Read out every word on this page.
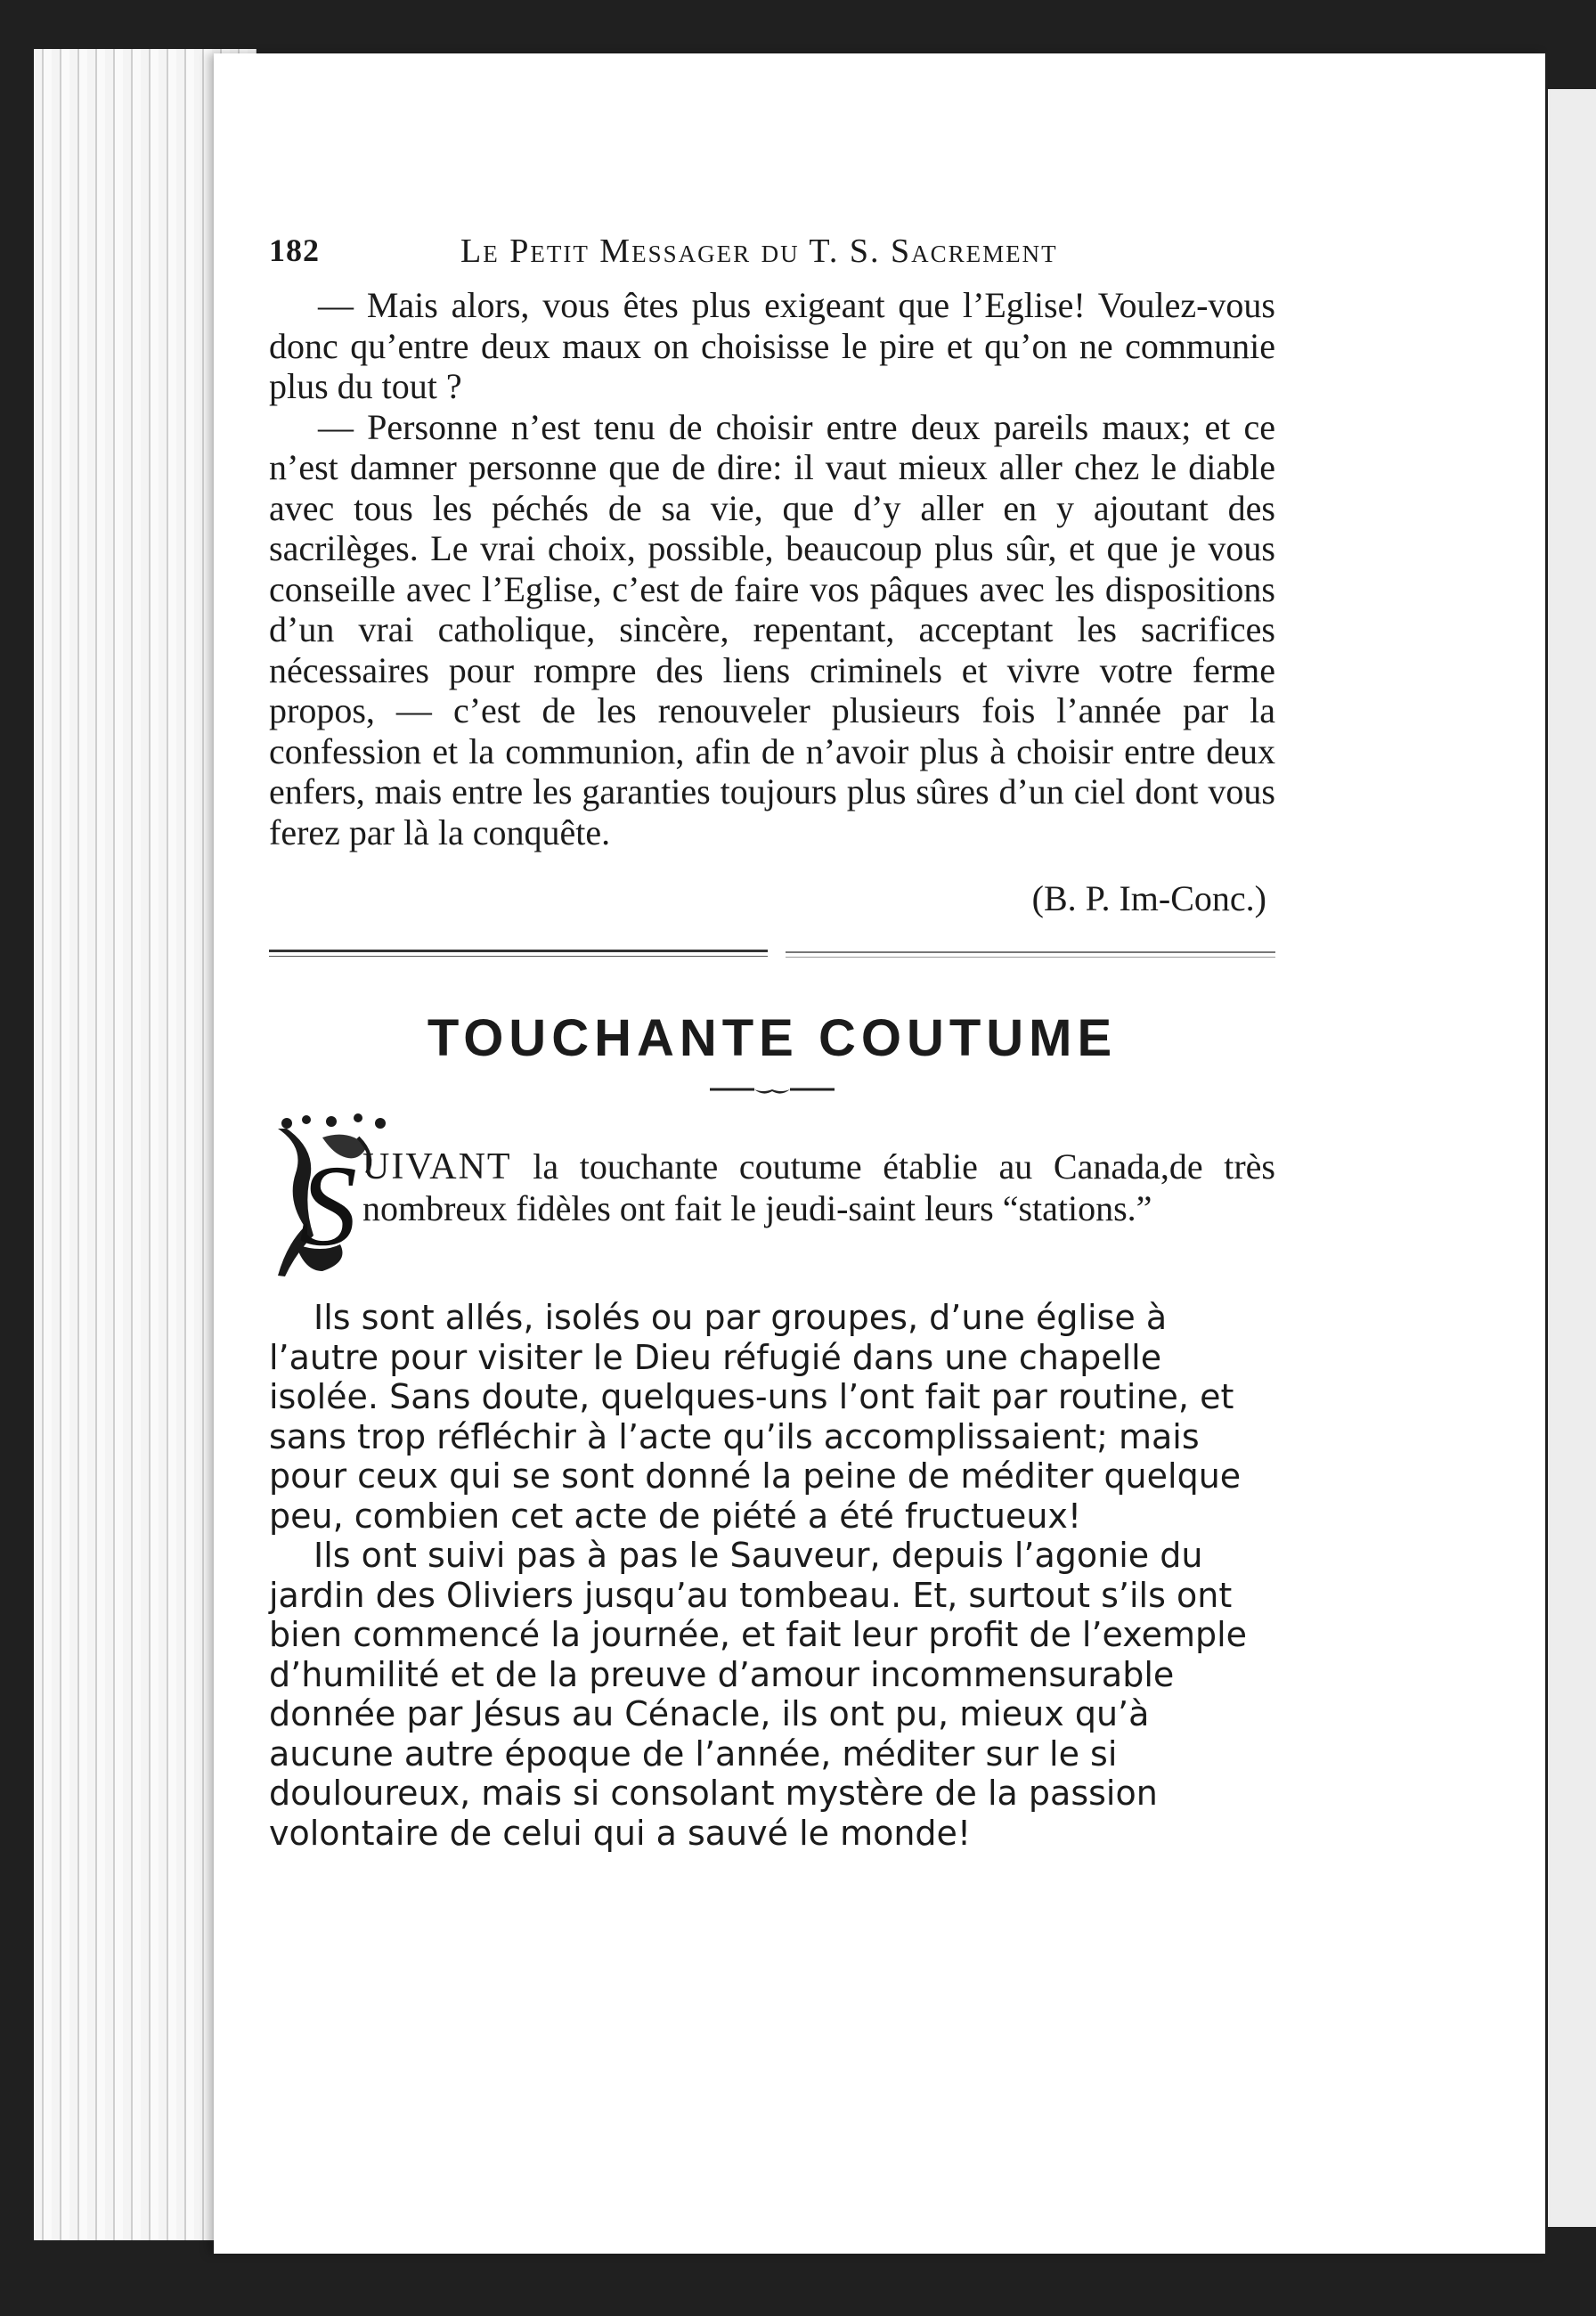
182	Le Petit Messager du T. S. Sacrement

— Mais alors, vous êtes plus exigeant que l’Eglise! Voulez-vous donc qu’entre deux maux on choisisse le pire et qu’on ne communie plus du tout ?

— Personne n’est tenu de choisir entre deux pareils maux; et ce n’est damner personne que de dire: il vaut mieux aller chez le diable avec tous les péchés de sa vie, que d’y aller en y ajoutant des sacrilèges. Le vrai choix, possible, beaucoup plus sûr, et que je vous conseille avec l’Eglise, c’est de faire vos pâques avec les dispositions d’un vrai catholique, sincère, repentant, acceptant les sacrifices nécessaires pour rompre des liens criminels et vivre votre ferme propos, — c’est de les renouveler plusieurs fois l’année par la confession et la communion, afin de n’avoir plus à choisir entre deux enfers, mais entre les garanties toujours plus sûres d’un ciel dont vous ferez par là la conquête.

(B. P. Im-Conc.)
TOUCHANTE COUTUME
S UIVANT la touchante coutume établie au Canada,de très nombreux fidèles ont fait le jeudi-saint leurs “stations.”

Ils sont allés, isolés ou par groupes, d’une église à l’autre pour visiter le Dieu réfugié dans une chapelle isolée. Sans doute, quelques-uns l’ont fait par routine, et sans trop réfléchir à l’acte qu’ils accomplissaient; mais pour ceux qui se sont donné la peine de méditer quelque peu, combien cet acte de piété a été fructueux!

Ils ont suivi pas à pas le Sauveur, depuis l’agonie du jardin des Oliviers jusqu’au tombeau. Et, surtout s’ils ont bien commencé la journée, et fait leur profit de l’exemple d’humilité et de la preuve d’amour incommensurable donnée par Jésus au Cénacle, ils ont pu, mieux qu’à aucune autre époque de l’année, méditer sur le si douloureux, mais si consolant mystère de la passion volontaire de celui qui a sauvé le monde!
